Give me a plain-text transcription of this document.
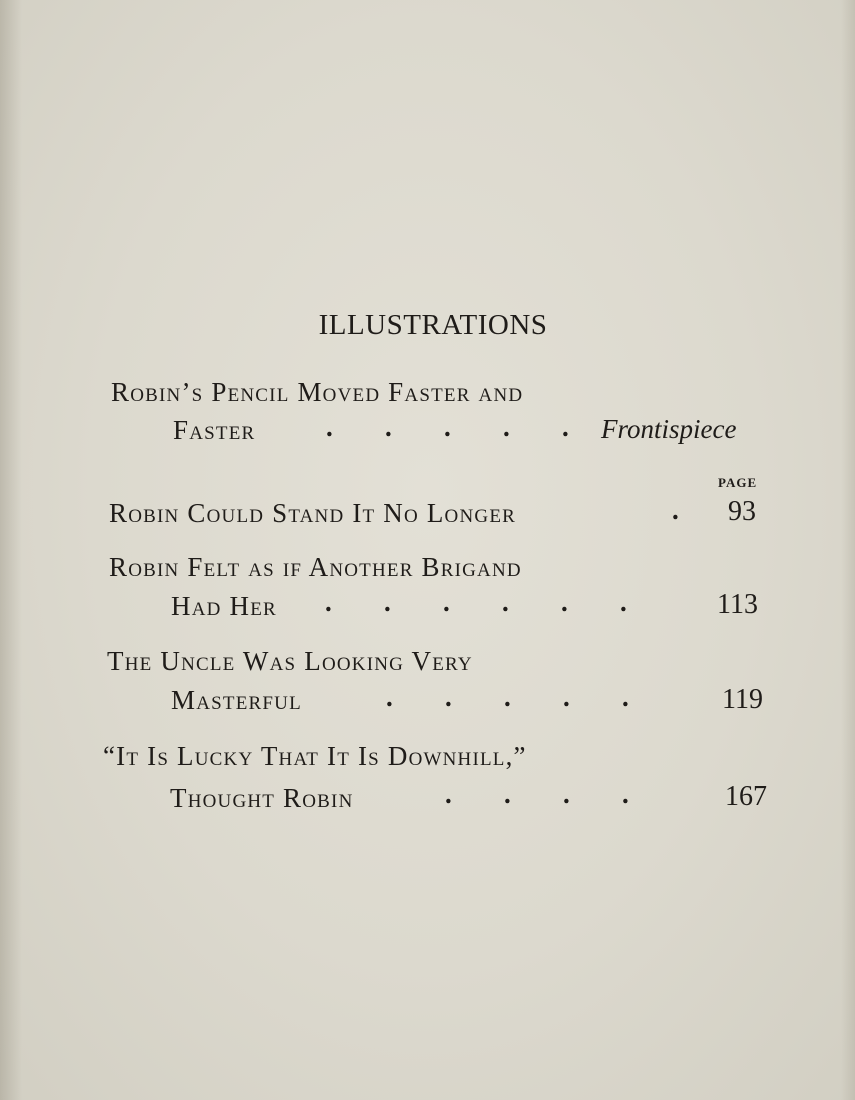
ILLUSTRATIONS
Robin’s Pencil Moved Faster and
Faster	. . . . .	Frontispiece
PAGE
Robin Could Stand It No Longer	.	93
Robin Felt as if Another Brigand
Had Her . . . . . .	113
The Uncle Was Looking Very
Masterful	. . . . .	119
“It Is Lucky That It Is Downhill,”
Thought Robin	. . . .	167
